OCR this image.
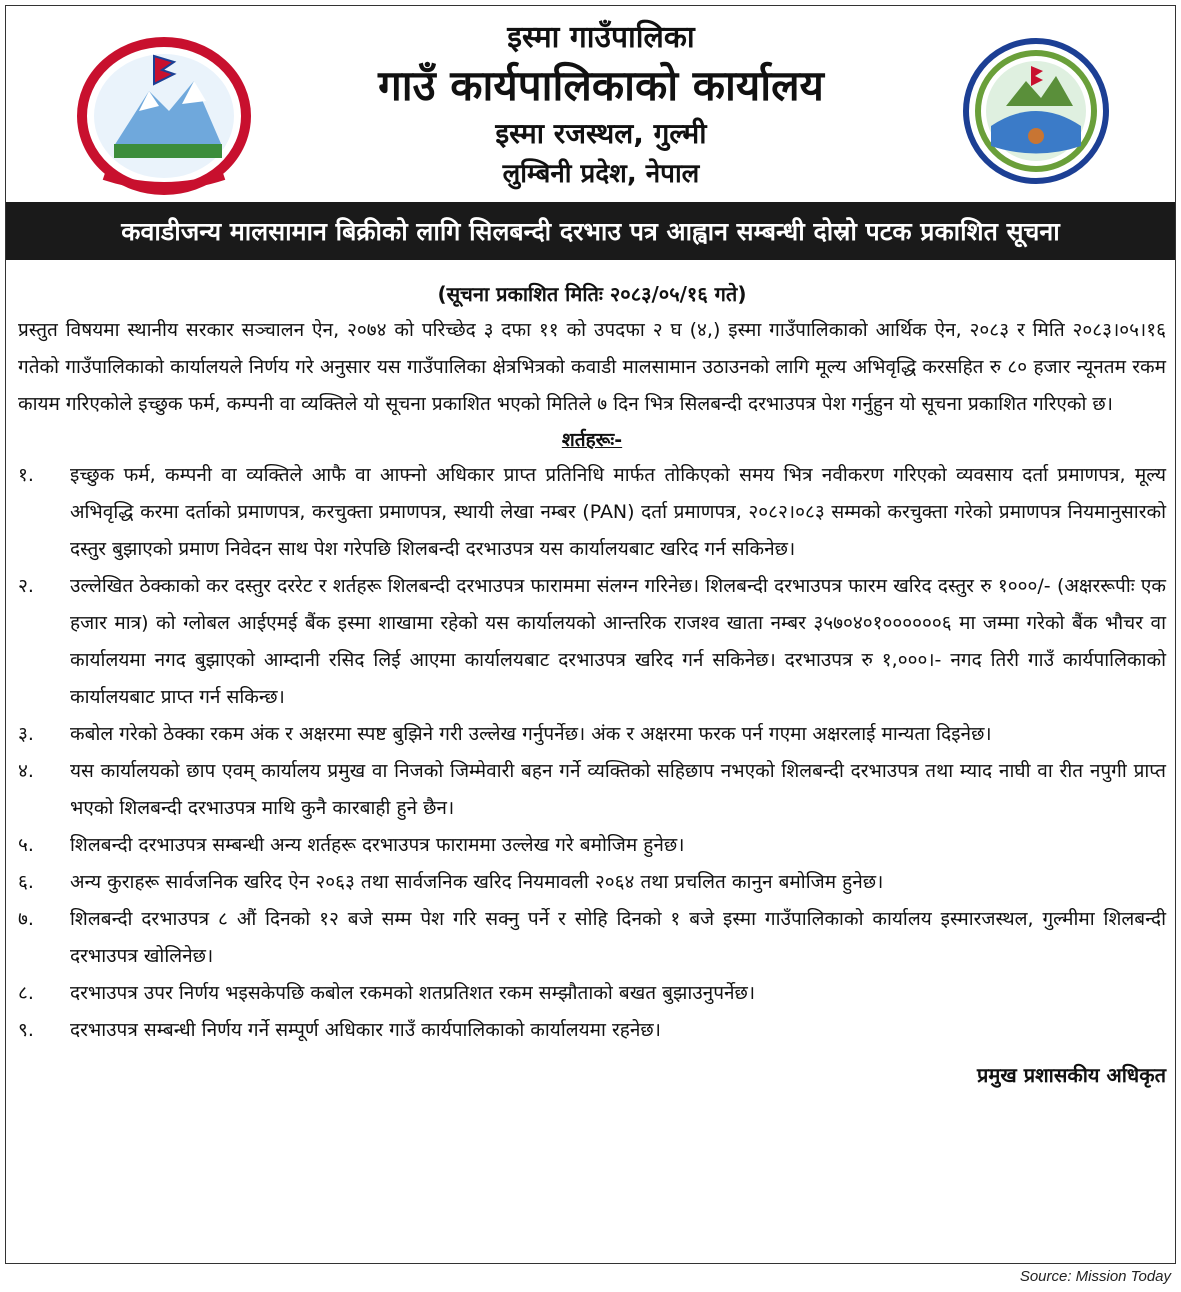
इस्मा गाउँपालिका
गाउँ कार्यपालिकाको कार्यालय
इस्मा रजस्थल, गुल्मी
लुम्बिनी प्रदेश, नेपाल
कवाडीजन्य मालसामान बिक्रीको लागि सिलबन्दी दरभाउ पत्र आह्वान सम्बन्धी दोस्रो पटक प्रकाशित सूचना
(सूचना प्रकाशित मितिः २०८३/०५/१६ गते)

प्रस्तुत विषयमा स्थानीय सरकार सञ्चालन ऐन, २०७४ को परिच्छेद ३ दफा ११ को उपदफा २ घ (४,) इस्मा गाउँपालिकाको आर्थिक ऐन, २०८३ र मिति २०८३।०५।१६ गतेको गाउँपालिकाको कार्यालयले निर्णय गरे अनुसार यस गाउँपालिका क्षेत्रभित्रको कवाडी मालसामान उठाउनको लागि मूल्य अभिवृद्धि करसहित रु ८० हजार न्यूनतम रकम कायम गरिएकोले इच्छुक फर्म, कम्पनी वा व्यक्तिले यो सूचना प्रकाशित भएको मितिले ७ दिन भित्र सिलबन्दी दरभाउपत्र पेश गर्नुहुन यो सूचना प्रकाशित गरिएको छ।

शर्तहरूः-
१.	इच्छुक फर्म, कम्पनी वा व्यक्तिले आफै वा आफ्नो अधिकार प्राप्त प्रतिनिधि मार्फत तोकिएको समय भित्र नवीकरण गरिएको व्यवसाय दर्ता प्रमाणपत्र, मूल्य अभिवृद्धि करमा दर्ताको प्रमाणपत्र, करचुक्ता प्रमाणपत्र, स्थायी लेखा नम्बर (PAN) दर्ता प्रमाणपत्र, २०८२।०८३ सम्मको करचुक्ता गरेको प्रमाणपत्र नियमानुसारको दस्तुर बुझाएको प्रमाण निवेदन साथ पेश गरेपछि शिलबन्दी दरभाउपत्र यस कार्यालयबाट खरिद गर्न सकिनेछ।
२.	उल्लेखित ठेक्काको कर दस्तुर दररेट र शर्तहरू शिलबन्दी दरभाउपत्र फाराममा संलग्न गरिनेछ। शिलबन्दी दरभाउपत्र फारम खरिद दस्तुर रु १०००/- (अक्षररूपीः एक हजार मात्र) को ग्लोबल आईएमई बैंक इस्मा शाखामा रहेको यस कार्यालयको आन्तरिक राजश्व खाता नम्बर ३५७०४०१००००००६ मा जम्मा गरेको बैंक भौचर वा कार्यालयमा नगद बुझाएको आम्दानी रसिद लिई आएमा कार्यालयबाट दरभाउपत्र खरिद गर्न सकिनेछ। दरभाउपत्र रु १,०००।- नगद तिरी गाउँ कार्यपालिकाको कार्यालयबाट प्राप्त गर्न सकिन्छ।
३.	कबोल गरेको ठेक्का रकम अंक र अक्षरमा स्पष्ट बुझिने गरी उल्लेख गर्नुपर्नेछ। अंक र अक्षरमा फरक पर्न गएमा अक्षरलाई मान्यता दिइनेछ।
४.	यस कार्यालयको छाप एवम् कार्यालय प्रमुख वा निजको जिम्मेवारी बहन गर्ने व्यक्तिको सहिछाप नभएको शिलबन्दी दरभाउपत्र तथा म्याद नाघी वा रीत नपुगी प्राप्त भएको शिलबन्दी दरभाउपत्र माथि कुनै कारबाही हुने छैन।
५.	शिलबन्दी दरभाउपत्र सम्बन्धी अन्य शर्तहरू दरभाउपत्र फाराममा उल्लेख गरे बमोजिम हुनेछ।
६.	अन्य कुराहरू सार्वजनिक खरिद ऐन २०६३ तथा सार्वजनिक खरिद नियमावली २०६४ तथा प्रचलित कानुन बमोजिम हुनेछ।
७.	शिलबन्दी दरभाउपत्र ८ औं दिनको १२ बजे सम्म पेश गरि सक्नु पर्ने र सोहि दिनको १ बजे इस्मा गाउँपालिकाको कार्यालय इस्मारजस्थल, गुल्मीमा शिलबन्दी दरभाउपत्र खोलिनेछ।
८.	दरभाउपत्र उपर निर्णय भइसकेपछि कबोल रकमको शतप्रतिशत रकम सम्झौताको बखत बुझाउनुपर्नेछ।
९.	दरभाउपत्र सम्बन्धी निर्णय गर्ने सम्पूर्ण अधिकार गाउँ कार्यपालिकाको कार्यालयमा रहनेछ।
प्रमुख प्रशासकीय अधिकृत
Source: Mission Today
